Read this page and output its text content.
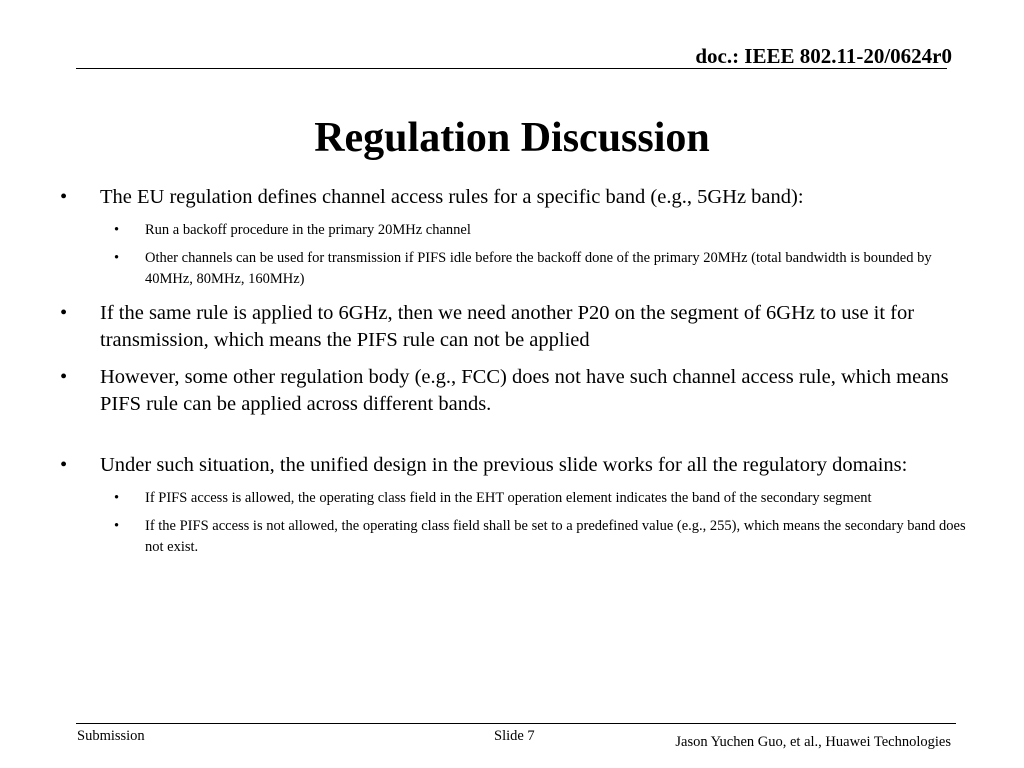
doc.: IEEE 802.11-20/0624r0
Regulation Discussion
• The EU regulation defines channel access rules for a specific band (e.g., 5GHz band):
• Run a backoff procedure in the primary 20MHz channel
• Other channels can be used for transmission if PIFS idle before the backoff done of the primary 20MHz (total bandwidth is bounded by 40MHz, 80MHz, 160MHz)
• If the same rule is applied to 6GHz, then we need another P20 on the segment of 6GHz to use it for transmission, which means the PIFS rule can not be applied
• However, some other regulation body (e.g., FCC) does not have such channel access rule, which means PIFS rule can be applied across different bands.
• Under such situation, the unified design in the previous slide works for all the regulatory domains:
• If PIFS access is allowed, the operating class field in the EHT operation element indicates the band of the secondary segment
• If the PIFS access is not allowed, the operating class field shall be set to a predefined value (e.g., 255), which means the secondary band does not exist.
Submission	Slide 7	Jason Yuchen Guo, et al., Huawei Technologies
